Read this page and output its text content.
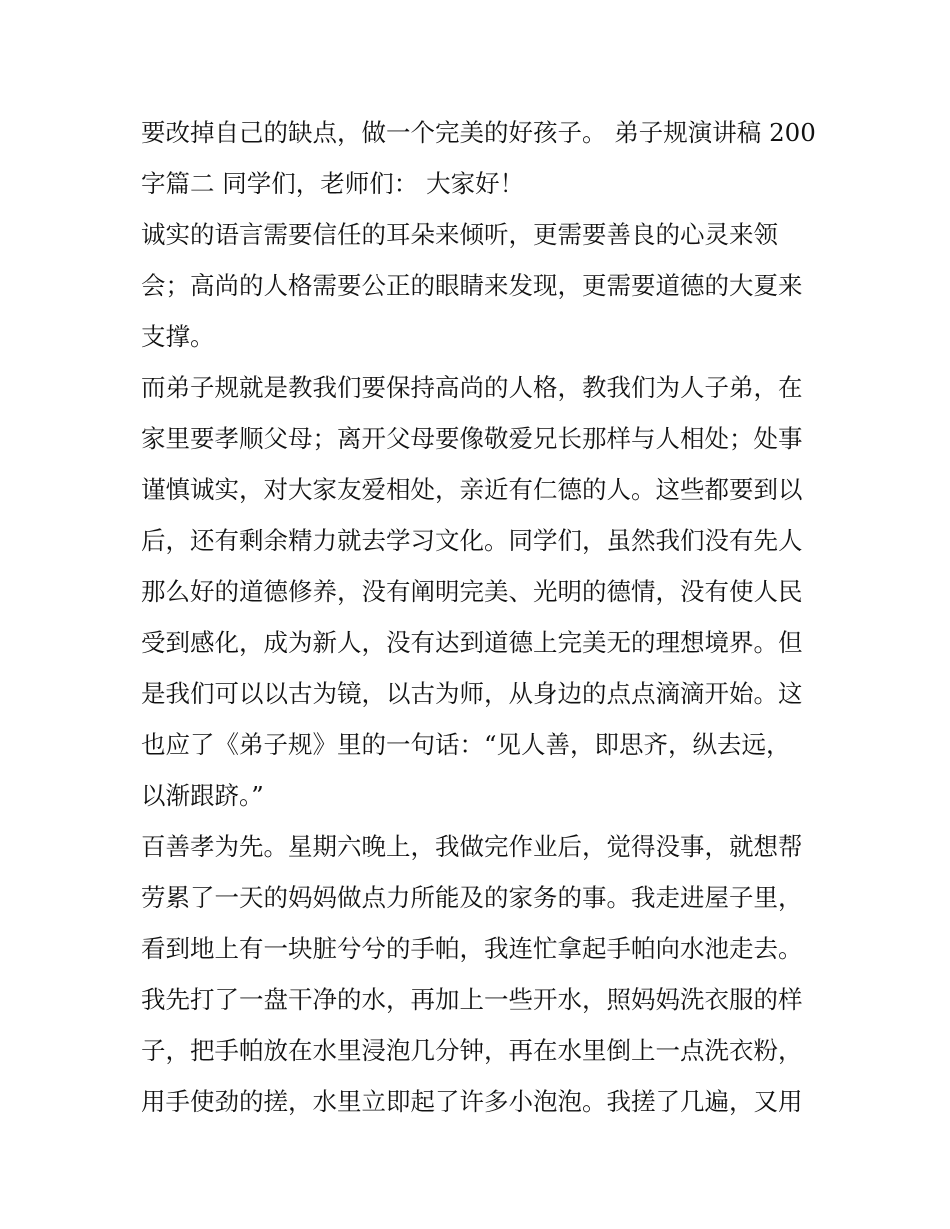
要改掉自己的缺点，做一个完美的好孩子。 弟子规演讲稿 200
字篇二 同学们，老师们： 大家好！
诚实的语言需要信任的耳朵来倾听，更需要善良的心灵来领
会；高尚的人格需要公正的眼睛来发现，更需要道德的大夏来
支撑。
而弟子规就是教我们要保持高尚的人格，教我们为人子弟，在
家里要孝顺父母；离开父母要像敬爱兄长那样与人相处；处事
谨慎诚实，对大家友爱相处，亲近有仁德的人。这些都要到以
后，还有剩余精力就去学习文化。同学们，虽然我们没有先人
那么好的道德修养，没有阐明完美、光明的德情，没有使人民
受到感化，成为新人，没有达到道德上完美无的理想境界。但
是我们可以以古为镜，以古为师，从身边的点点滴滴开始。这
也应了《弟子规》里的一句话：“见人善，即思齐，纵去远，
以渐跟跻。”
百善孝为先。星期六晚上，我做完作业后，觉得没事，就想帮
劳累了一天的妈妈做点力所能及的家务的事。我走进屋子里，
看到地上有一块脏兮兮的手帕，我连忙拿起手帕向水池走去。
我先打了一盘干净的水，再加上一些开水，照妈妈洗衣服的样
子，把手帕放在水里浸泡几分钟，再在水里倒上一点洗衣粉，
用手使劲的搓，水里立即起了许多小泡泡。我搓了几遍，又用
